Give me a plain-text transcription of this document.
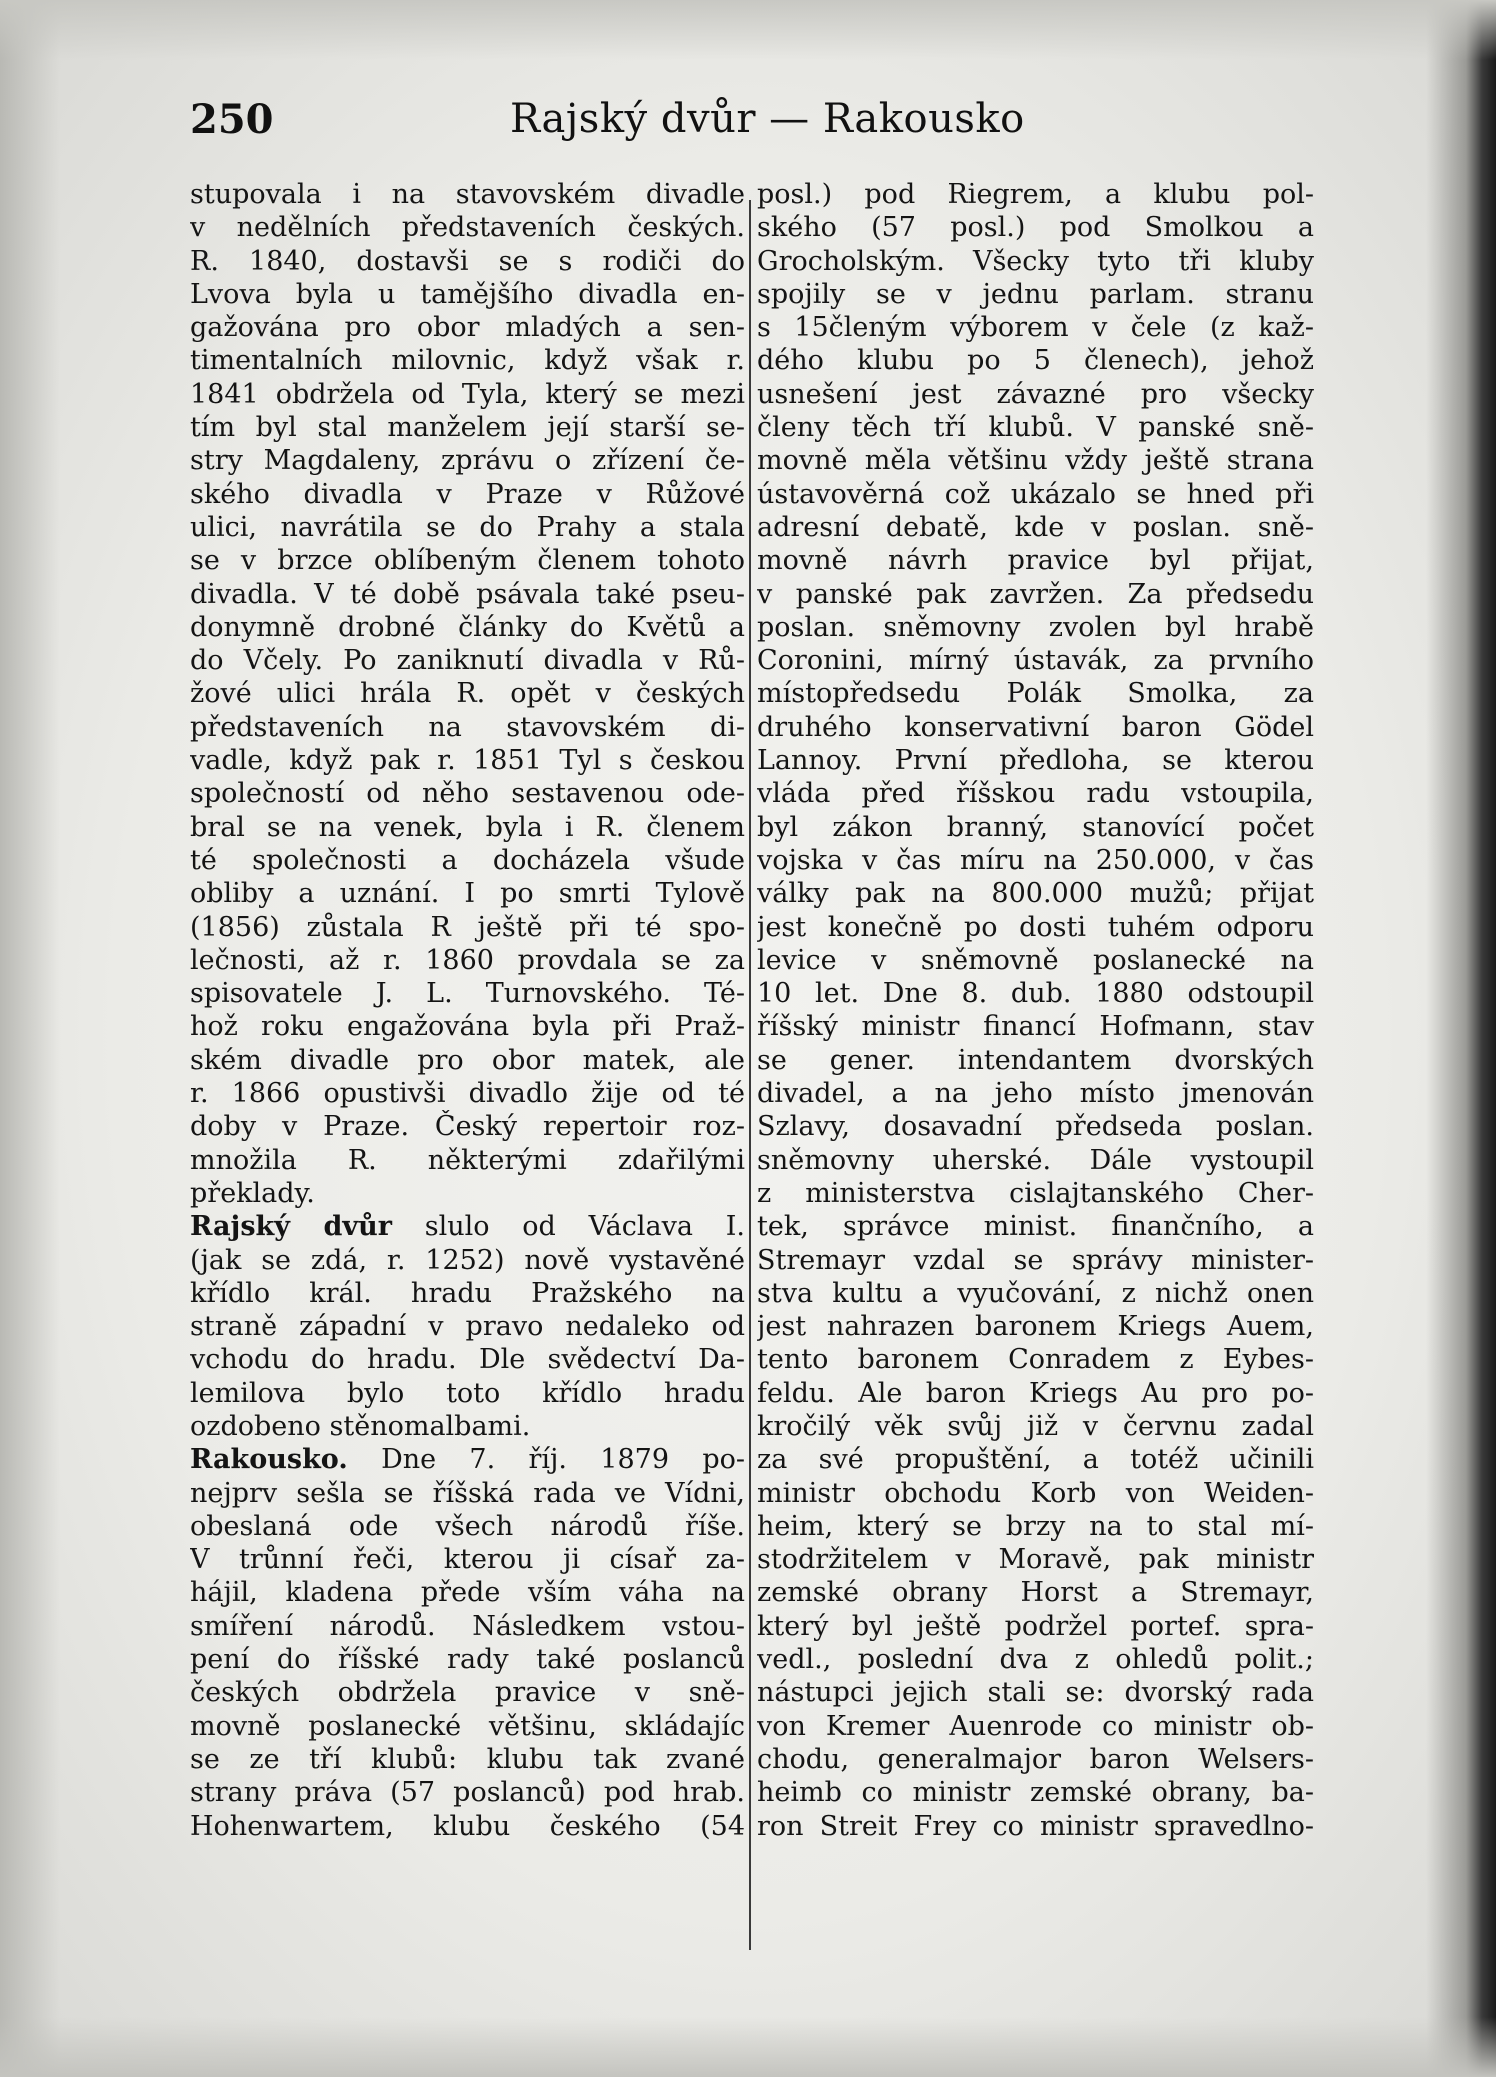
250	Rajský dvůr — Rakousko
stupovala i na stavovském divadle
v nedělních představeních českých.
R. 1840, dostavši se s rodiči do
Lvova byla u tamějšího divadla en-
gažována pro obor mladých a sen-
timentalních milovnic, když však r.
1841 obdržela od Tyla, který se mezi
tím byl stal manželem její starší se-
stry Magdaleny, zprávu o zřízení če-
ského divadla v Praze v Růžové
ulici, navrátila se do Prahy a stala
se v brzce oblíbeným členem tohoto
divadla. V té době psávala také pseu-
donymně drobné články do Květů a
do Včely. Po zaniknutí divadla v Rů-
žové ulici hrála R. opět v českých
představeních na stavovském di-
vadle, když pak r. 1851 Tyl s českou
společností od něho sestavenou ode-
bral se na venek, byla i R. členem
té společnosti a docházela všude
obliby a uznání. I po smrti Tylově
(1856) zůstala R ještě při té spo-
lečnosti, až r. 1860 provdala se za
spisovatele J. L. Turnovského. Té-
hož roku engažována byla při Praž-
ském divadle pro obor matek, ale
r. 1866 opustivši divadlo žije od té
doby v Praze. Český repertoir roz-
množila R. některými zdařilými
překlady.
Rajský dvůr slulo od Václava I.
(jak se zdá, r. 1252) nově vystavěné
křídlo král. hradu Pražského na
straně západní v pravo nedaleko od
vchodu do hradu. Dle svědectví Da-
lemilova bylo toto křídlo hradu
ozdobeno stěnomalbami.
Rakousko. Dne 7. říj. 1879 po-
nejprv sešla se říšská rada ve Vídni,
obeslaná ode všech národů říše.
V trůnní řeči, kterou ji císař za-
hájil, kladena přede vším váha na
smíření národů. Následkem vstou-
pení do říšské rady také poslanců
českých obdržela pravice v sně-
movně poslanecké většinu, skládajíc
se ze tří klubů: klubu tak zvané
strany práva (57 poslanců) pod hrab.
Hohenwartem, klubu českého (54
posl.) pod Riegrem, a klubu pol-
ského (57 posl.) pod Smolkou a
Grocholským. Všecky tyto tři kluby
spojily se v jednu parlam. stranu
s 15členým výborem v čele (z kaž-
dého klubu po 5 členech), jehož
usnešení jest závazné pro všecky
členy těch tří klubů. V panské sně-
movně měla většinu vždy ještě strana
ústavověrná což ukázalo se hned při
adresní debatě, kde v poslan. sně-
movně návrh pravice byl přijat,
v panské pak zavržen. Za předsedu
poslan. sněmovny zvolen byl hrabě
Coronini, mírný ústavák, za prvního
místopředsedu Polák Smolka, za
druhého konservativní baron Gödel
Lannoy. První předloha, se kterou
vláda před říšskou radu vstoupila,
byl zákon branný, stanovící počet
vojska v čas míru na 250.000, v čas
války pak na 800.000 mužů; přijat
jest konečně po dosti tuhém odporu
levice v sněmovně poslanecké na
10 let. Dne 8. dub. 1880 odstoupil
říšský ministr financí Hofmann, stav
se gener. intendantem dvorských
divadel, a na jeho místo jmenován
Szlavy, dosavadní předseda poslan.
sněmovny uherské. Dále vystoupil
z ministerstva cislajtanského Cher-
tek, správce minist. finančního, a
Stremayr vzdal se správy minister-
stva kultu a vyučování, z nichž onen
jest nahrazen baronem Kriegs Auem,
tento baronem Conradem z Eybes-
feldu. Ale baron Kriegs Au pro po-
kročilý věk svůj již v červnu zadal
za své propuštění, a totéž učinili
ministr obchodu Korb von Weiden-
heim, který se brzy na to stal mí-
stodržitelem v Moravě, pak ministr
zemské obrany Horst a Stremayr,
který byl ještě podržel portef. spra-
vedl., poslední dva z ohledů polit.;
nástupci jejich stali se: dvorský rada
von Kremer Auenrode co ministr ob-
chodu, generalmajor baron Welsers-
heimb co ministr zemské obrany, ba-
ron Streit Frey co ministr spravedlno-
